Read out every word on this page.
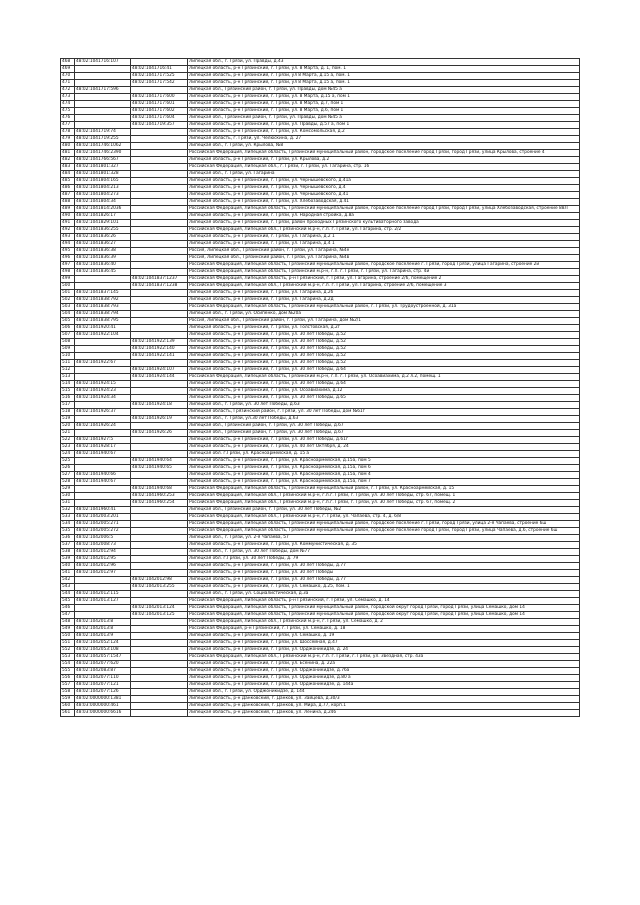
468	48:02:1041716:107		Липецкая обл., г. Грязи, ул. Правды, д.43
469		48:02:1041716:41	Липецкая область, р-н Грязинский, г. Грязи, ул. 8 Марта, д. 1, пом. 1
470		48:02:1041717:525	Липецкая область, р-н Грязинский, г. Грязи, ул 8 Марта, д.15 а, пом. 1
471		48:02:1041717:542	Липецкая область, р-н Грязинский, г. Грязи, ул 8 Марта, д.15 а, пом. 1
472	48:02:1041717:596		Липецкая обл., Грязинский район, г. Грязи, ул. Правды, дом №45 а
473		48:02:1041717:600	Липецкая область, р-н Грязинский, г. Грязи, ул. 8 Марта, д.15 а, пом 1
474		48:02:1041717:601	Липецкая область, р-н Грязинский, г. Грязи, ул. 8 Марта, д.7, пом 1
475		48:02:1041717:602	Липецкая область, р-н Грязинский, г. Грязи, ул. 8 Марта, д.6, пом 1
476		48:02:1041717:604	Липецкая обл., Грязинский район, г. Грязи, ул. Правды, дом №45 а
477		48:02:1041719:357	Липецкая область, р-н Грязинский, г. Грязи, ул. Правды, д.57 а, пом 1
478	48:02:1041719:74		Липецкая область, р-н Грязинский, г. Грязи, ул. Комсомольская, д.2
479	48:02:1041719:255		Липецкая область, г. Грязи, ул. Челюскина, д. 27
480	48:02:1041746:1062		Липецкая обл., г. Грязи, ул. Крылова, №8
481	48:02:1041746:2390		Российская Федерация, Липецкая область, Грязинский муниципальный район, городское поселение город Грязи, город Грязи, улица Крылова, строение 4
482	48:02:1041766:567		Липецкая область, р-н Грязинский, г. Грязи, ул. Крылова, д.2
483	48:02:1041801:327		Российская Федерация, Липецкая обл., г. Грязи, г. Грязи, ул. Гагарина, стр. 16
484	48:02:1041801:328		Липецкая обл., г. Грязи, ул. Гагарина
485	48:02:1041804:165		Липецкая область, р-н Грязинский, г. Грязи, ул. Чернышевского, д.41а
486	48:02:1041804:213		Липецкая область, р-н Грязинский, г. Грязи, ул. Чернышевского, д.4
487	48:02:1041804:273		Липецкая область, р-н Грязинский, г. Грязи, ул. Чернышевского, д.41
488	48:02:1041804:34		Липецкая область, р-н Грязинский, г. Грязи, ул. Хлебозаводская, д.41
489	48:02:1041814:2036		Российская Федерация, Липецкая область, Грязинский муниципальный район, городское поселение город Грязи, город Грязи, улица Хлебозаводская, строение 88Л
490	48:02:1041826:17		Липецкая область, р-н Грязинский, г. Грязи, ул. Народная стройка, д.8а
491	48:02:1041829:101		Липецкая область, р-н Грязинский, г. Грязи, район проходных Грязинского культиваторного завода
492	48:02:1041836:255		Российская Федерация, Липецкая обл., Грязинский м.р-н, г.п. г. Грязи, ул. Гагарина, стр. 2/2
493	48:02:1041836:26		Липецкая область, р-н Грязинский, г. Грязи, ул. Гагарина, д.2 1
494	48:02:1041836:27		Липецкая область, р-н Грязинский, г. Грязи, ул. Гагарина, д.4 1
495	48:02:1041836:38		Россия, Липецкая обл., Грязинский район, г. Грязи, ул. Гагарина, №4е
496	48:02:1041836:39		Россия, Липецкая обл., Грязинский район, г. Грязи, ул. Гагарина, №4в
497	48:02:1041836:40		Российская Федерация, Липецкая область, Грязинский муниципальный район, городское поселение г. Грязи, город Грязи, улица Гагарина, строение 2и
498	48:02:1041836:45		Российская Федерация, Липецкая область, Грязинский м.р-н, г.п. г. Грязи, г. Грязи, ул. Гагарина, стр. 4и
499		48:02:1041837:1237	Российская Федерация, Липецкая область, р-н Грязинский, г. Грязи, ул. Гагарина, строение 2/6, помещение 2
500		48:02:1041837:1238	Российская Федерация, Липецкая обл., Грязинский м.р-н, г.п. г. Грязи, ул. Гагарина, строение 2/6, помещение 3
501	48:02:1041837:145		Липецкая область, р-н Грязинский, г. Грязи, ул. Гагарина, д.2б
502	48:02:1041838:792		Липецкая область, р-н Грязинский, г. Грязи, ул. Гагарина, д.2д
503	48:02:1041838:793		Российская Федерация, Липецкая область, Грязинский муниципальный район, г. Грязи, ул. Трудоустроенной, д. 31а
504	48:02:1041838:794		Липецкая обл., г. Грязи, ул. Осипенко, дом №20а
505	48:02:1041838:795		Россия, Липецкая обл., Грязинский район, г. Грязи, ул. Гагарина, дом №2/1
506	48:02:1041920:41		Липецкая область, р-н Грязинский, г. Грязи, ул. Толстовская, д.2г
507	48:02:1041922:104		Липецкая область, р-н Грязинский, г. Грязи, ул. 30 лет Победы, д.52
508		48:02:1041922:139	Липецкая область, р-н Грязинский, г. Грязи, ул. 30 лет Победы, д.52
509		48:02:1041922:140	Липецкая область, р-н Грязинский, г. Грязи, ул. 30 лет Победы, д.52
510		48:02:1041922:141	Липецкая область, р-н Грязинский, г. Грязи, ул. 30 лет Победы, д.52
511	48:02:1041922:67		Липецкая область, р-н Грязинский, г. Грязи, ул. 30 лет Победы, д.52
512		48:02:1041924:107	Липецкая область, р-н Грязинский, г. Грязи, ул. 30 лет Победы, д.64
513		48:02:1041924:144	Российская Федерация, Липецкая область, Грязинский м.р-н, г.п. г. Грязи, ул. Осоавиахима, д.2 л.2, помещ. 1
514	48:02:1041924:15		Липецкая область, р-н Грязинский, г. Грязи, ул. 30 лет Победы, д.64
515	48:02:1041924:23		Липецкая область, р-н Грязинский, г. Грязи, ул. Осоавиахима, д.12
516	48:02:1041924:34		Липецкая область, р-н Грязинский, г. Грязи, ул. 30 лет Победы, д.65
517		48:02:1041924:18	Липецкая обл., г. Грязи, ул. 30 лет Победы, д.63
518	48:02:1041926:37		Липецкая область, Грязинский район, г. Грязи, ул. 30 лет Победы, дом №61г
519		48:02:1041926:19	Липецкая обл., г. Грязи, ул.30 лет Победы, д.63
520	48:02:1041926:24		Липецкая обл., Грязинский район, г. Грязи, ул. 30 лет Победы, д.67
521		48:02:1041926:26	Липецкая обл., Грязинский район, г. Грязи, ул. 30 лет Победы, д.67
522	48:02:1041927:5		Липецкая область, р-н Грязинский, г. Грязи, ул. 30 лет Победы, д.61г
523	48:02:1041928:17		Липецкая область, р-н Грязинский, г. Грязи, ул. 40 лет Октября, д. 24
524	48:02:1041940:67		Липецкая обл. г.Грязи, ул. Красноармейская, д. 15 а
525		48:02:1041940:64	Липецкая область, р-н Грязинский, г. Грязи, ул. Красноармейская, д.15а, пом 5
526		48:02:1041940:65	Липецкая область, р-н Грязинский, г. Грязи, ул. Красноармейская, д.15а, пом 6
527	48:02:1041940:66		Липецкая область, р-н Грязинский, г. Грязи, ул. Красноармейская, д.15а, пом 4
528	48:02:1041940:67		Липецкая область, р-н Грязинский, г. Грязи, ул. Красноармейская, д.15а, пом 7
529		48:02:1041940:68	Российская Федерация, Липецкая область, Грязинский муниципальный район, г. Грязи, ул. Красноармейская, д. 15
530		48:02:1041960:253	Российская Федерация, Липецкая обл., Грязинский м.р-н, г.п.г. Грязи, г. Грязи, ул. 30 лет Победы, стр. 67, помещ. 1
531		48:02:1041960:254	Российская Федерация, Липецкая обл., Грязинский м.р-н, г.п.г. Грязи, г. Грязи, ул. 30 лет Победы, стр. 67, помещ. 2
532	48:02:1041960:41		Липецкая обл., Грязинский район, г. Грязи, ул. 30 лет Победы, №2
533	48:02:1042003:201		Российская Федерация, Липецкая обл., Грязинский м.р-н, г. Грязи, ул. Чапаева, стр. 4, д. 6/8
534	48:02:1042005:271		Российская Федерация, Липецкая область, Грязинский муниципальный район, городское поселение г. Грязи, город Грязи, улица 2-я Чапаева, строение 6ш
535	48:02:1042005:272		Российская Федерация, Липецкая область, Грязинский муниципальный район, городское поселение город Грязи, город Грязи, улица Чапаева, д.6, строение 6ш
536	48:02:1042006:5		Липецкая обл., г. Грязи, ул. 2-я Чапаева, 57
537	48:02:1042008:73		Липецкая область, р-н Грязинский, г. Грязи, ул. Коммунистическая, д. 35
538	48:02:1042012:94		Липецкая обл., г. Грязи, ул. 30 лет Победы, дом №77
539	48:02:1042012:95		Липецкая обл. г.Грязи, ул. 30 лет Победы, д. 79
540	48:02:1042012:96		Липецкая область, р-н Грязинский, г. Грязи, ул. 30 лет Победы, д.77
541	48:02:1042012:97		Липецкая область, р-н Грязинский, г. Грязи, ул. 30 лет Победы
542		48:02:1042012:98	Липецкая область, р-н Грязинский, г. Грязи, ул. 30 лет Победы, д.77
543		48:02:1042013:255	Липецкая область, р-н Грязинский, г. Грязи, ул. Семашко, д.25, пом. 1
544	48:02:1042012:115		Липецкая обл., г. Грязи, ул. Социалистическая, д.3а
545	48:02:1042013:127		Российская Федерация, Липецкая область, р-н Грязинский, г. Грязи, ул. Семашко, д. 14
546		48:02:1042013:124	Российская Федерация, Липецкая область, Грязинский муниципальный район, городской округ город Грязи, город Грязи, улица Семашко, дом 14
547		48:02:1042013:125	Российская Федерация, Липецкая область, Грязинский муниципальный район, городской округ город Грязи, город Грязи, улица Семашко, дом 14
548	48:02:1042013:8		Российская Федерация, Липецкая обл., Грязинский м.р-н, г. Грязи, ул. Семашко, д. 2
549	48:02:1042013:8		Российская Федерация, р-н Грязинский, г. Грязи, ул. Семашко, д. 18
550	48:02:1042013:9		Липецкая область, р-н Грязинский, г. Грязи, ул. Семашко, д. 19
551	48:02:1042052:124		Липецкая область, р-н Грязинский, г. Грязи, ул. Шоссейная, д.47
552	48:02:1042053:108		Липецкая область, р-н Грязинский, г. Грязи, ул. Орджоникидзе, д. 24
553	48:02:1042057:1547		Российская Федерация, Липецкая обл., Грязинский м.р-н, г.п. г. Грязи, г. Грязи, ул. Звездная, стр. 43а
554	48:02:1042077:620		Липецкая область, р-н Грязинский, г. Грязи, ул. Есенина, д. 22а
555	48:02:1042083:87		Липецкая область, р-н Грязинский, г. Грязи, ул. Орджоникидзе, д.76а
556	48:02:1042077:110		Липецкая область, р-н Грязинский, г. Грязи, ул. Орджоникидзе, д.80 а
557	48:02:1042077:121		Липецкая область, р-н Грязинский, г. Грязи, ул. Орджоникидзе, д. 144а
558	48:02:1042077:126		Липецкая обл., г. Грязи, ул. Орджоникидзе, д. 144
559	48:02:0000000:1381		Липецкая область, р-н Данковский, г. Данков, ул. Зайцева, д.30/3
560	48:03:0000000:461		Липецкая область, р-н Данковский, г. Данков, ул. Мира, д.77, корп.1
561	48:03:0000000:6616		Липецкая область, р-н Данковский, г. Данков, ул. Ленина, д.246
